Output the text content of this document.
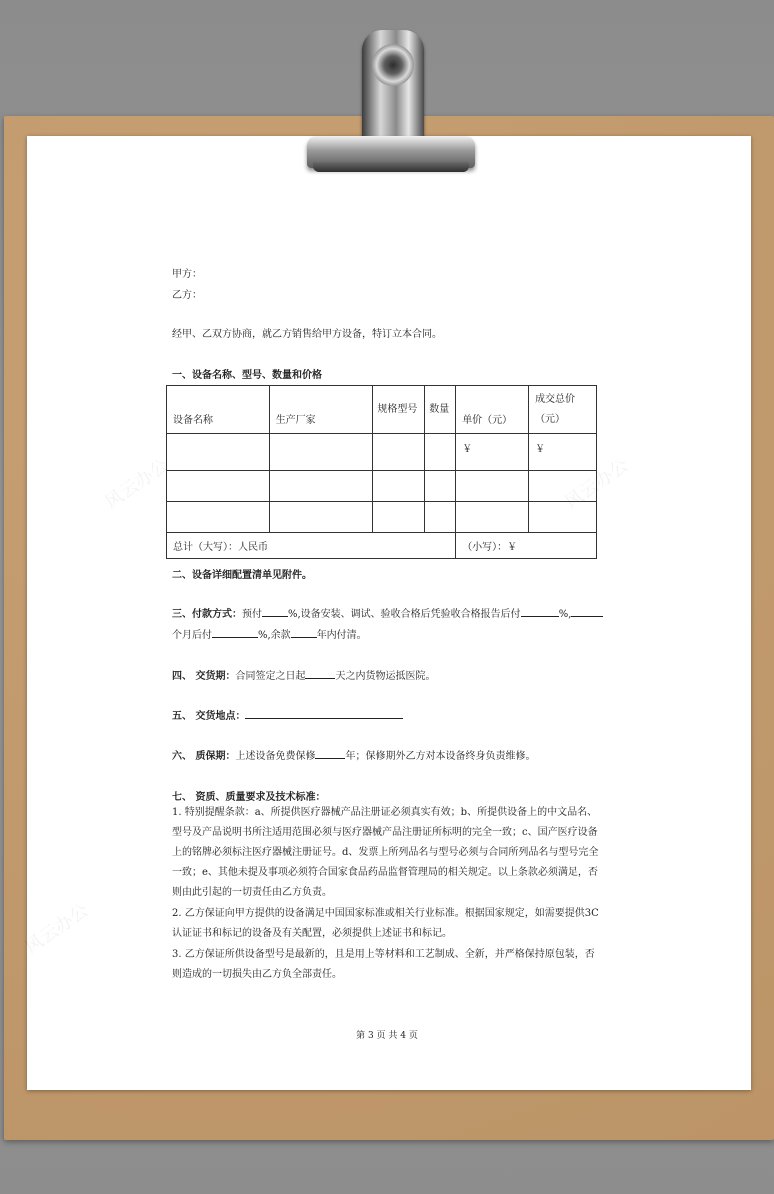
风云办公	风云办公
风云办公
甲方：
乙方：
经甲、乙双方协商，就乙方销售给甲方设备，特订立本合同。
一、设备名称、型号、数量和价格
设备名称	生产厂家	规格型号	数量	单价（元）	成交总价（元）
				￥	￥

总计（大写）：人民币				（小写）：￥	
二、设备详细配置清单见附件。
三、付款方式：预付	%,设备安装、调试、验收合格后凭验收合格报告后付	%,
个月后付	%,余款	年内付清。
四、 交货期：合同签定之日起	天之内货物运抵医院。
五、 交货地点：
六、 质保期：上述设备免费保修	年；保修期外乙方对本设备终身负责维修。
七、 资质、质量要求及技术标准：
1. 特别提醒条款：a、所提供医疗器械产品注册证必须真实有效；b、所提供设备上的中文品名、型号及产品说明书所注适用范围必须与医疗器械产品注册证所标明的完全一致；c、国产医疗设备上的铭牌必须标注医疗器械注册证号。d、发票上所列品名与型号必须与合同所列品名与型号完全一致；e、其他未提及事项必须符合国家食品药品监督管理局的相关规定。以上条款必须满足，否则由此引起的一切责任由乙方负责。
2. 乙方保证向甲方提供的设备满足中国国家标准或相关行业标准。根据国家规定，如需要提供3C认证证书和标记的设备及有关配置，必须提供上述证书和标记。
3. 乙方保证所供设备型号是最新的，且是用上等材料和工艺制成、全新，并严格保持原包装，否则造成的一切损失由乙方负全部责任。
第 3 页 共 4 页
